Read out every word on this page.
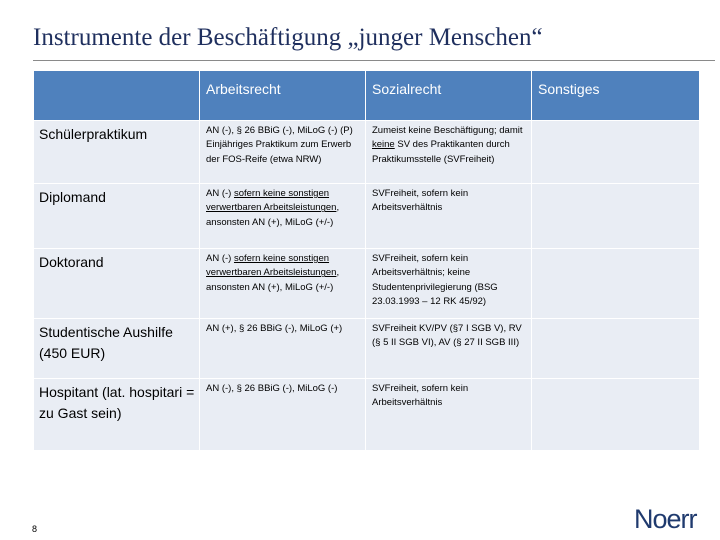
Instrumente der Beschäftigung „junger Menschen“
	Arbeitsrecht	Sozialrecht	Sonstiges
Schülerpraktikum	AN (-), § 26 BBiG (-), MiLoG (-) (P) Einjähriges Praktikum zum Erwerb der FOS-Reife (etwa NRW)	Zumeist keine Beschäftigung; damit keine SV des Praktikanten durch Praktikumsstelle (SVFreiheit)	
Diplomand	AN (-) sofern keine sonstigen verwertbaren Arbeitsleistungen, ansonsten AN (+), MiLoG (+/-)	SVFreiheit, sofern kein Arbeitsverhältnis	
Doktorand	AN (-) sofern keine sonstigen verwertbaren Arbeitsleistungen, ansonsten AN (+), MiLoG (+/-)	SVFreiheit, sofern kein Arbeitsverhältnis; keine Studentenprivilegierung (BSG 23.03.1993 – 12 RK 45/92)	
Studentische Aushilfe (450 EUR)	AN (+), § 26 BBiG (-), MiLoG (+)	SVFreiheit KV/PV (§7 I SGB V), RV (§ 5 II SGB VI), AV (§ 27 II SGB III)	
Hospitant (lat. hospitari = zu Gast sein)	AN (-), § 26 BBiG (-), MiLoG (-)	SVFreiheit, sofern kein Arbeitsverhältnis	
8	Noerr
